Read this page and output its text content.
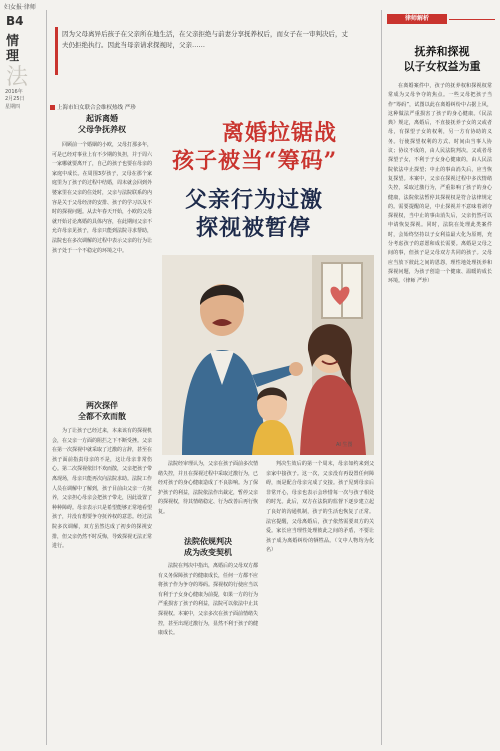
妇女报·律师
B4
情理
法
2016年
2月25日
星期四
因为父母离异后孩子在父亲所在地生活，在父亲拒绝与前妻分享抚养权后，而女子在一审判决后，丈夫仍拒绝执行。因此当母亲请求探视时，父亲……
律师解析
上海市妇女联合会维权热线 严珍
离婚拉锯战
孩子被当“筹码”
父亲行为过激
探视被暂停
AI 生图
起诉离婚
父母争抚养权
回顾前一个婚姻的小欧，父母打那多年，可是已经对事业上有不少期的负担，并于周六一家哪就要离开了，自己的孩子也要在母亲的家庭中成长。在周围3岁孩子，父母在那个家庭里为了孩子的过程中结婚，周末就会回到外婆家里在父亲的住处时，父亲与法院联系的内容是关于父母经济的安排、孩子的学习以及不时的探视问题。从去年春天开始，小欧的父母就开始讨论离婚的具体内容，在此期间父亲不允许母亲见孩子，母亲只能到法院寻求帮助，法院也在多次调解的过程中表示父亲的行为让孩子处于一个不稳定的环境之中。
两次探伴
全都不欢而散
为了让孩子已经过来，本来该有的探视机会，在父亲一方面的阻拦之下不断受挫。父亲在第一次探视中就采取了过激的言辞，甚至在孩子面前指责母亲的不是，这让母亲非常伤心。第二次探视依旧不欢而散，父亲把孩子带离现场，母亲只能再次向法院求助。法院工作人员在调解中了解到，孩子目前由父亲一方抚养，父亲担心母亲会把孩子带走，因此设置了种种障碍。母亲表示只是希望能够正常地看望孩子，并没有想要争夺抚养权的意思。经过法院多次调解，双方虽然达成了初步的探视安排，但父亲仍然不时反悔，导致探视无法正常进行。
法院经审理认为，父亲在孩子面前多次情绪失控，并且在探视过程中采取过激行为，已经对孩子的身心健康造成了不良影响。为了保护孩子的利益，法院依法作出裁定，暂停父亲的探视权，待其情绪稳定、行为改善后再行恢复。
法院依规判决
成为改变契机
法院在判决中指出，离婚后的父母双方都有义务保障孩子的健康成长，任何一方都不应将孩子作为争夺的筹码。探视权的行使应当以有利于子女身心健康为前提，如果一方的行为严重损害了孩子的利益，法院可以依法中止其探视权。本案中，父亲多次在孩子面前情绪失控，甚至出现过激行为，显然不利于孩子的健康成长。
判决生效后的第一个周末，母亲如约来到父亲家中接孩子。这一次，父亲没有再设置任何障碍，而是配合母亲完成了交接。孩子见到母亲后非常开心，母亲也表示会珍惜每一次与孩子相处的时光。此后，双方在法院的监督下逐步建立起了良好的沟通机制，孩子的生活也恢复了正常。法官提醒，父母离婚后，孩子依然需要双方的关爱。家长应当理性处理彼此之间的矛盾，不要让孩子成为离婚纠纷的牺牲品。（文中人物均为化名）
抚养和探视
以子女权益为重
在离婚案件中，孩子的抚养权和探视权常常成为父母争夺的焦点。一些父母把孩子当作“筹码”，试图以此在离婚纠纷中占据上风，这种做法严重损害了孩子的身心健康。《民法典》规定，离婚后，不直接抚养子女的父或者母，有探望子女的权利，另一方有协助的义务。行使探望权利的方式、时间由当事人协议；协议不成的，由人民法院判决。父或者母探望子女，不利于子女身心健康的，由人民法院依法中止探望；中止的事由消失后，应当恢复探望。本案中，父亲在探视过程中多次情绪失控，采取过激行为，严重影响了孩子的身心健康，法院依法暂停其探视权是符合法律规定的。需要提醒的是，中止探视并不意味着剥夺探视权，当中止的事由消失后，父亲仍然可以申请恢复探视。同时，法院在处理此类案件时，会始终坚持以子女利益最大化为原则，充分考虑孩子的意愿和成长需要。离婚是父母之间的事，但孩子是父母双方共同的孩子。父母应当放下彼此之间的恩怨，理性地处理抚养和探视问题，为孩子创造一个健康、温暖的成长环境。（律师 严珍）
